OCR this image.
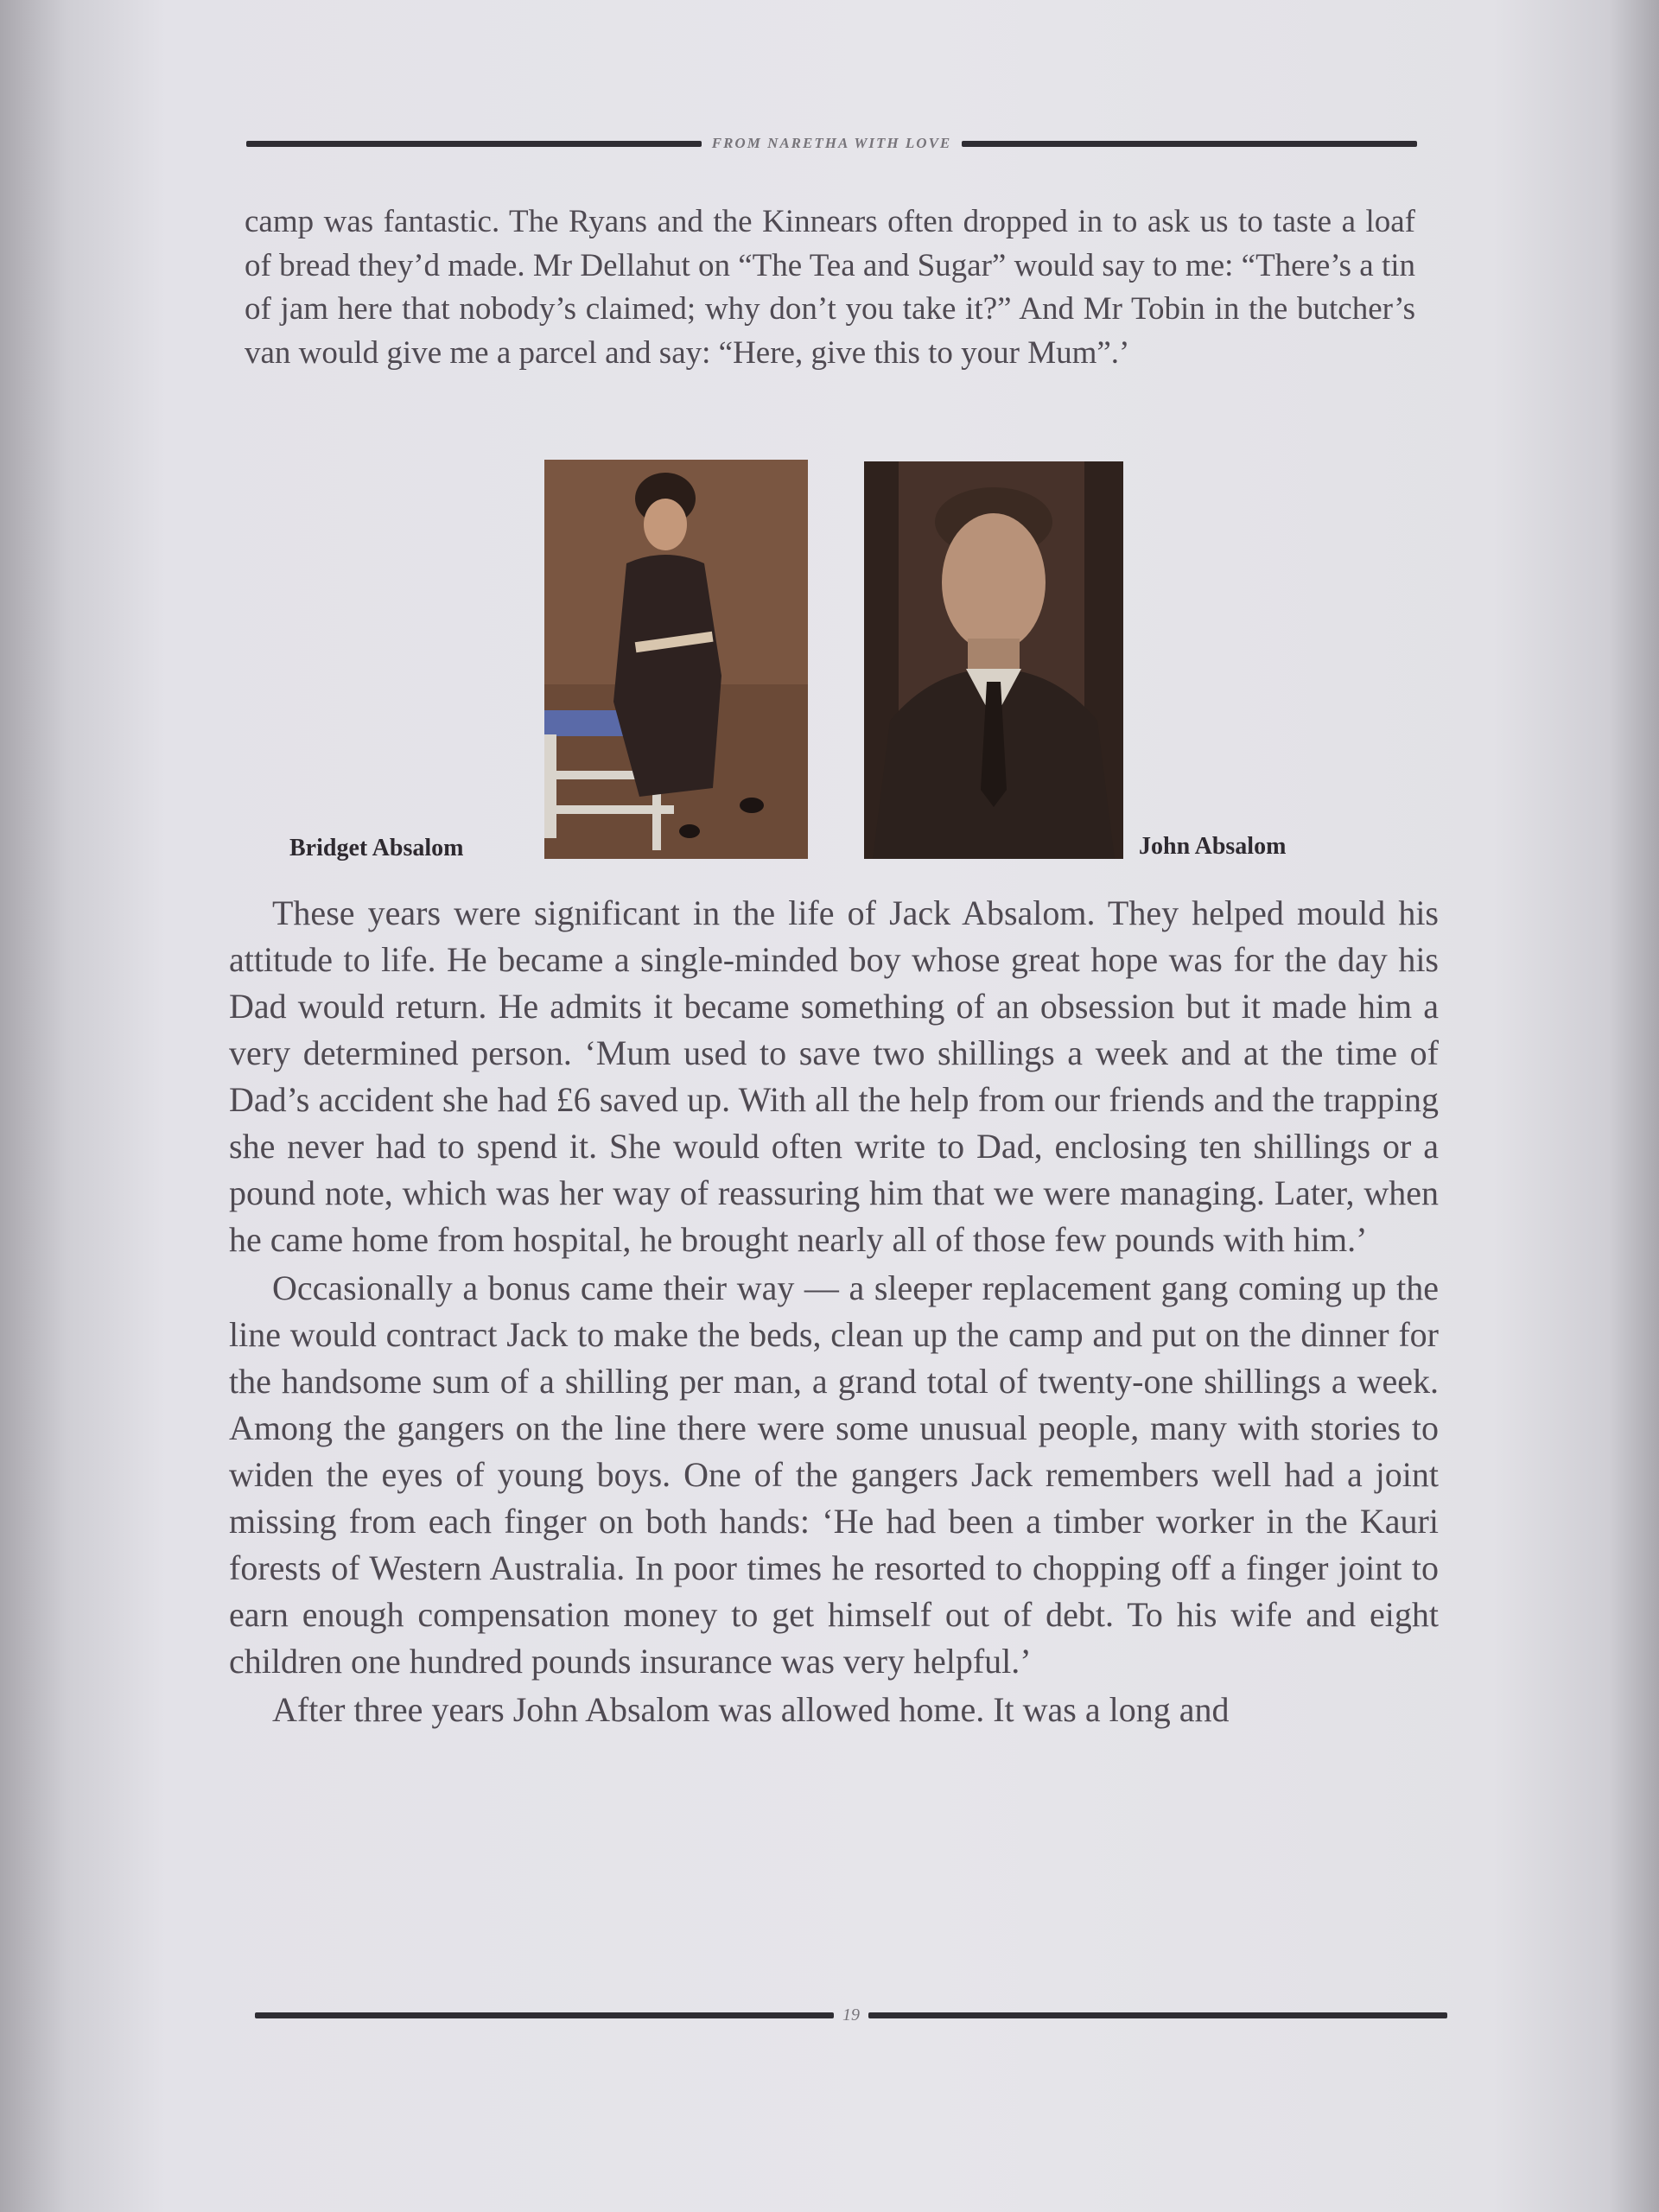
FROM NARETHA WITH LOVE
camp was fantastic. The Ryans and the Kinnears often dropped in to ask us to taste a loaf of bread they’d made. Mr Dellahut on “The Tea and Sugar” would say to me: “There’s a tin of jam here that nobody’s claimed; why don’t you take it?” And Mr Tobin in the butcher’s van would give me a parcel and say: “Here, give this to your Mum”.’
Bridget Absalom	John Absalom

These years were significant in the life of Jack Absalom. They helped mould his attitude to life. He became a single-minded boy whose great hope was for the day his Dad would return. He admits it became something of an obsession but it made him a very determined person. ‘Mum used to save two shillings a week and at the time of Dad’s accident she had £6 saved up. With all the help from our friends and the trapping she never had to spend it. She would often write to Dad, enclosing ten shillings or a pound note, which was her way of reassuring him that we were managing. Later, when he came home from hospital, he brought nearly all of those few pounds with him.’

Occasionally a bonus came their way — a sleeper replacement gang coming up the line would contract Jack to make the beds, clean up the camp and put on the dinner for the handsome sum of a shilling per man, a grand total of twenty-one shillings a week. Among the gangers on the line there were some unusual people, many with stories to widen the eyes of young boys. One of the gangers Jack remembers well had a joint missing from each finger on both hands: ‘He had been a timber worker in the Kauri forests of Western Australia. In poor times he resorted to chopping off a finger joint to earn enough compensation money to get himself out of debt. To his wife and eight children one hundred pounds insurance was very helpful.’

After three years John Absalom was allowed home. It was a long and

19
